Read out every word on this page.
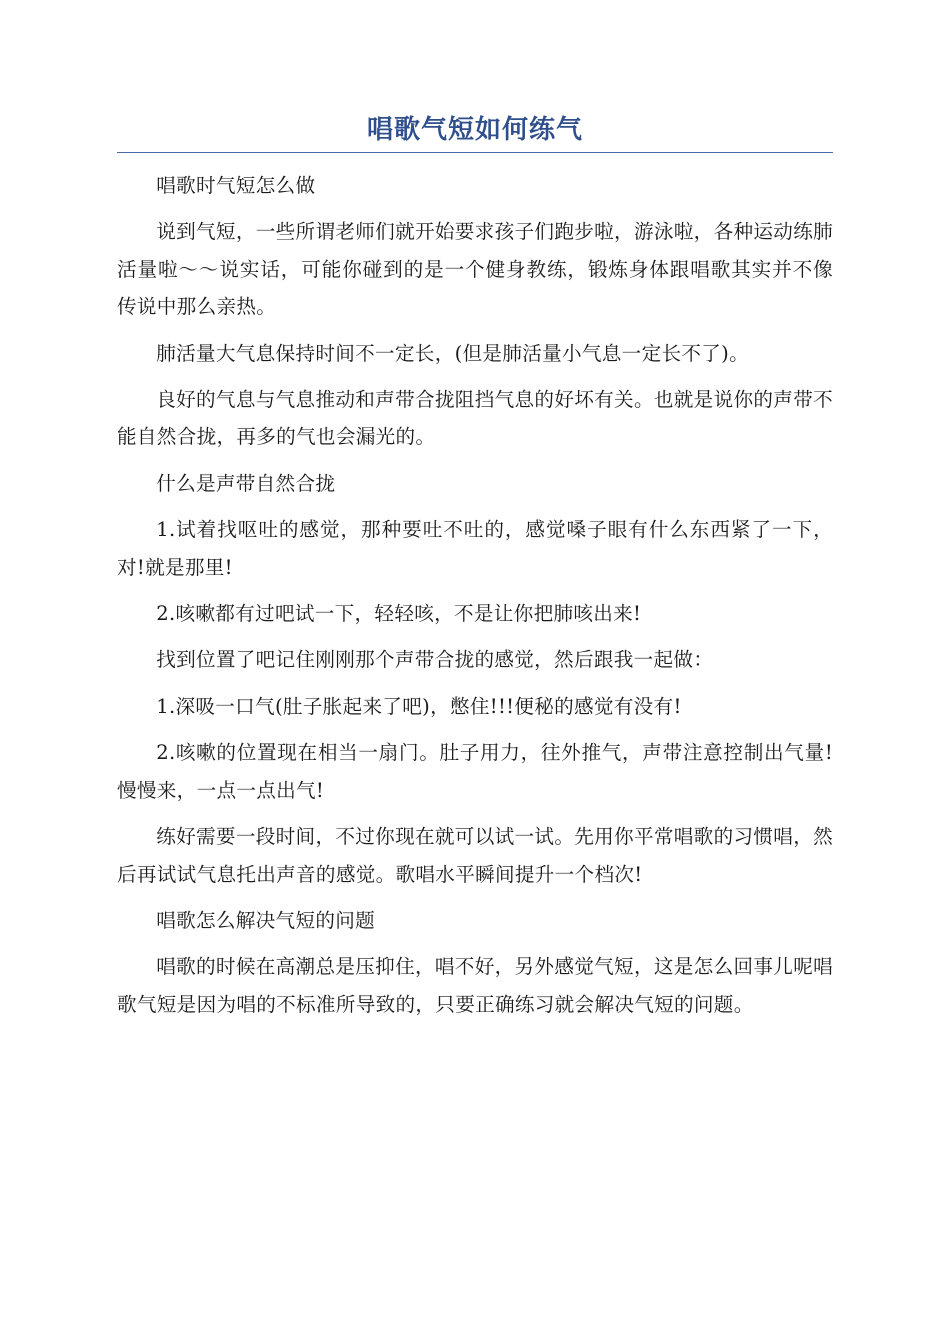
唱歌气短如何练气

唱歌时气短怎么做

说到气短，一些所谓老师们就开始要求孩子们跑步啦，游泳啦，各种运动练肺活量啦～～说实话，可能你碰到的是一个健身教练，锻炼身体跟唱歌其实并不像传说中那么亲热。

肺活量大气息保持时间不一定长，(但是肺活量小气息一定长不了)。

良好的气息与气息推动和声带合拢阻挡气息的好坏有关。也就是说你的声带不能自然合拢，再多的气也会漏光的。

什么是声带自然合拢

1.试着找呕吐的感觉，那种要吐不吐的，感觉嗓子眼有什么东西紧了一下，对!就是那里!

2.咳嗽都有过吧试一下，轻轻咳，不是让你把肺咳出来!

找到位置了吧记住刚刚那个声带合拢的感觉，然后跟我一起做：

1.深吸一口气(肚子胀起来了吧)，憋住!!!便秘的感觉有没有!

2.咳嗽的位置现在相当一扇门。肚子用力，往外推气，声带注意控制出气量!慢慢来，一点一点出气!

练好需要一段时间，不过你现在就可以试一试。先用你平常唱歌的习惯唱，然后再试试气息托出声音的感觉。歌唱水平瞬间提升一个档次!

唱歌怎么解决气短的问题

唱歌的时候在高潮总是压抑住，唱不好，另外感觉气短，这是怎么回事儿呢唱歌气短是因为唱的不标准所导致的，只要正确练习就会解决气短的问题。
